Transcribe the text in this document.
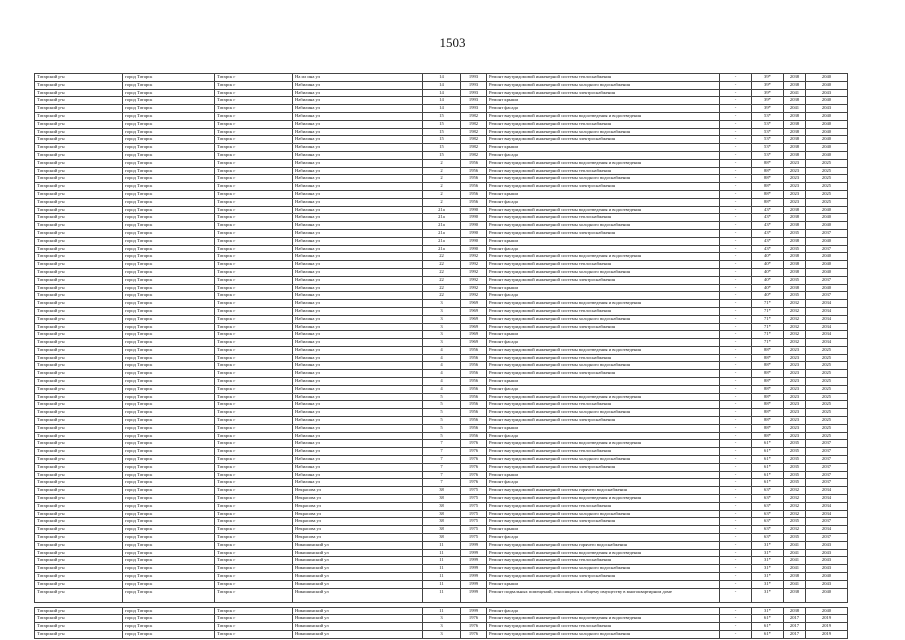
1503
Татарский р-н	город Татарск	Татарск г	На ил ина ул	14	1993	Ремонт внутридомовой инженерной системы теплоснабжения	-	39*	2038	2040
Татарский р-н	город Татарск	Татарск г	Набилина ул	14	1993	Ремонт внутридомовой инженерной системы холодного водоснабжения	-	39*	2038	2040
Татарский р-н	город Татарск	Татарск г	Набилина ул	14	1993	Ремонт внутридомовой инженерной системы электроснабжения	-	39*	2041	2043
Татарский р-н	город Татарск	Татарск г	Набилина ул	14	1993	Ремонт крыши	-	39*	2038	2040
Татарский р-н	город Татарск	Татарск г	Набилина ул	14	1993	Ремонт фасада	-	39*	2041	2043
Татарский р-н	город Татарск	Татарск г	Набилина ул	15	1982	Ремонт внутридомовой инженерной системы водоотведения и водоотведения	-	53*	2038	2040
Татарский р-н	город Татарск	Татарск г	Набилина ул	15	1982	Ремонт внутридомовой инженерной системы теплоснабжения	-	53*	2038	2040
Татарский р-н	город Татарск	Татарск г	Набилина ул	15	1982	Ремонт внутридомовой инженерной системы холодного водоснабжения	-	53*	2038	2040
Татарский р-н	город Татарск	Татарск г	Набилина ул	15	1982	Ремонт внутридомовой инженерной системы электроснабжения	-	53*	2038	2040
Татарский р-н	город Татарск	Татарск г	Набилина ул	15	1982	Ремонт крыши	-	53*	2038	2040
Татарский р-н	город Татарск	Татарск г	Набилина ул	15	1982	Ремонт фасада	-	53*	2038	2040
Татарский р-н	город Татарск	Татарск г	Набилина ул	2	1956	Ремонт внутридомовой инженерной системы водоотведения и водоотведения	-	88*	2023	2025
Татарский р-н	город Татарск	Татарск г	Набилина ул	2	1956	Ремонт внутридомовой инженерной системы теплоснабжения	-	88*	2023	2025
Татарский р-н	город Татарск	Татарск г	Набилина ул	2	1956	Ремонт внутридомовой инженерной системы холодного водоснабжения	-	88*	2023	2025
Татарский р-н	город Татарск	Татарск г	Набилина ул	2	1956	Ремонт внутридомовой инженерной системы электроснабжения	-	88*	2023	2025
Татарский р-н	город Татарск	Татарск г	Набилина ул	2	1956	Ремонт крыши	-	88*	2023	2025
Татарский р-н	город Татарск	Татарск г	Набилина ул	2	1956	Ремонт фасада	-	88*	2023	2025
Татарский р-н	город Татарск	Татарск г	Набилина ул	21а	1990	Ремонт внутридомовой инженерной системы водоотведения и водоотведения	-	43*	2038	2040
Татарский р-н	город Татарск	Татарск г	Набилина ул	21а	1990	Ремонт внутридомовой инженерной системы теплоснабжения	-	43*	2038	2040
Татарский р-н	город Татарск	Татарск г	Набилина ул	21а	1990	Ремонт внутридомовой инженерной системы холодного водоснабжения	-	43*	2038	2040
Татарский р-н	город Татарск	Татарск г	Набилина ул	21а	1990	Ремонт внутридомовой инженерной системы электроснабжения	-	43*	2035	2037
Татарский р-н	город Татарск	Татарск г	Набилина ул	21а	1990	Ремонт крыши	-	43*	2038	2040
Татарский р-н	город Татарск	Татарск г	Набилина ул	21а	1990	Ремонт фасада	-	43*	2035	2037
Татарский р-н	город Татарск	Татарск г	Набилина ул	22	1992	Ремонт внутридомовой инженерной системы водоотведения и водоотведения	-	40*	2038	2040
Татарский р-н	город Татарск	Татарск г	Набилина ул	22	1992	Ремонт внутридомовой инженерной системы теплоснабжения	-	40*	2038	2040
Татарский р-н	город Татарск	Татарск г	Набилина ул	22	1992	Ремонт внутридомовой инженерной системы холодного водоснабжения	-	40*	2038	2040
Татарский р-н	город Татарск	Татарск г	Набилина ул	22	1992	Ремонт внутридомовой инженерной системы электроснабжения	-	40*	2035	2037
Татарский р-н	город Татарск	Татарск г	Набилина ул	22	1992	Ремонт крыши	-	40*	2038	2040
Татарский р-н	город Татарск	Татарск г	Набилина ул	22	1992	Ремонт фасада	-	40*	2035	2037
Татарский р-н	город Татарск	Татарск г	Набилина ул	3	1969	Ремонт внутридомовой инженерной системы водоотведения и водоотведения	-	71*	2032	2034
Татарский р-н	город Татарск	Татарск г	Набилина ул	3	1969	Ремонт внутридомовой инженерной системы теплоснабжения	-	71*	2032	2034
Татарский р-н	город Татарск	Татарск г	Набилина ул	3	1969	Ремонт внутридомовой инженерной системы холодного водоснабжения	-	71*	2032	2034
Татарский р-н	город Татарск	Татарск г	Набилина ул	3	1969	Ремонт внутридомовой инженерной системы электроснабжения	-	71*	2032	2034
Татарский р-н	город Татарск	Татарск г	Набилина ул	3	1969	Ремонт крыши	-	71*	2032	2034
Татарский р-н	город Татарск	Татарск г	Набилина ул	3	1969	Ремонт фасада	-	71*	2032	2034
Татарский р-н	город Татарск	Татарск г	Набилина ул	4	1956	Ремонт внутридомовой инженерной системы водоотведения и водоотведения	-	88*	2023	2025
Татарский р-н	город Татарск	Татарск г	Набилина ул	4	1956	Ремонт внутридомовой инженерной системы теплоснабжения	-	88*	2023	2025
Татарский р-н	город Татарск	Татарск г	Набилина ул	4	1956	Ремонт внутридомовой инженерной системы холодного водоснабжения	-	88*	2023	2025
Татарский р-н	город Татарск	Татарск г	Набилина ул	4	1956	Ремонт внутридомовой инженерной системы электроснабжения	-	88*	2023	2025
Татарский р-н	город Татарск	Татарск г	Набилина ул	4	1956	Ремонт крыши	-	88*	2023	2025
Татарский р-н	город Татарск	Татарск г	Набилина ул	4	1956	Ремонт фасада	-	88*	2023	2025
Татарский р-н	город Татарск	Татарск г	Набилина ул	5	1956	Ремонт внутридомовой инженерной системы водоотведения и водоотведения	-	88*	2023	2025
Татарский р-н	город Татарск	Татарск г	Набилина ул	5	1956	Ремонт внутридомовой инженерной системы теплоснабжения	-	88*	2023	2025
Татарский р-н	город Татарск	Татарск г	Набилина ул	5	1956	Ремонт внутридомовой инженерной системы холодного водоснабжения	-	88*	2023	2025
Татарский р-н	город Татарск	Татарск г	Набилина ул	5	1956	Ремонт внутридомовой инженерной системы электроснабжения	-	88*	2023	2025
Татарский р-н	город Татарск	Татарск г	Набилина ул	5	1956	Ремонт крыши	-	88*	2023	2025
Татарский р-н	город Татарск	Татарск г	Набилина ул	5	1956	Ремонт фасада	-	88*	2023	2025
Татарский р-н	город Татарск	Татарск г	Набилина ул	7	1976	Ремонт внутридомовой инженерной системы водоотведения и водоотведения	-	61*	2035	2037
Татарский р-н	город Татарск	Татарск г	Набилина ул	7	1976	Ремонт внутридомовой инженерной системы теплоснабжения	-	61*	2035	2037
Татарский р-н	город Татарск	Татарск г	Набилина ул	7	1976	Ремонт внутридомовой инженерной системы холодного водоснабжения	-	61*	2035	2037
Татарский р-н	город Татарск	Татарск г	Набилина ул	7	1976	Ремонт внутридомовой инженерной системы электроснабжения	-	61*	2035	2037
Татарский р-н	город Татарск	Татарск г	Набилина ул	7	1976	Ремонт крыши	-	61*	2035	2037
Татарский р-н	город Татарск	Татарск г	Набилина ул	7	1976	Ремонт фасада	-	61*	2035	2037
Татарский р-н	город Татарск	Татарск г	Некрасова ул	38	1975	Ремонт внутридомовой инженерной системы горячего водоснабжения	-	63*	2032	2034
Татарский р-н	город Татарск	Татарск г	Некрасова ул	38	1975	Ремонт внутридомовой инженерной системы водоотведения и водоотведения	-	63*	2032	2034
Татарский р-н	город Татарск	Татарск г	Некрасова ул	38	1975	Ремонт внутридомовой инженерной системы теплоснабжения	-	63*	2032	2034
Татарский р-н	город Татарск	Татарск г	Некрасова ул	38	1975	Ремонт внутридомовой инженерной системы холодного водоснабжения	-	63*	2032	2034
Татарский р-н	город Татарск	Татарск г	Некрасова ул	38	1975	Ремонт внутридомовой инженерной системы электроснабжения	-	63*	2035	2037
Татарский р-н	город Татарск	Татарск г	Некрасова ул	38	1975	Ремонт крыши	-	63*	2032	2034
Татарский р-н	город Татарск	Татарск г	Некрасова ул	38	1975	Ремонт фасада	-	63*	2035	2037
Татарский р-н	город Татарск	Татарск г	Никишинский ул	11	1999	Ремонт внутридомовой инженерной системы горячего водоснабжения	-	31*	2041	2043
Татарский р-н	город Татарск	Татарск г	Никишинский ул	11	1999	Ремонт внутридомовой инженерной системы водоотведения и водоотведения	-	31*	2041	2043
Татарский р-н	город Татарск	Татарск г	Никишинский ул	11	1999	Ремонт внутридомовой инженерной системы теплоснабжения	-	31*	2041	2043
Татарский р-н	город Татарск	Татарск г	Никишинский ул	11	1999	Ремонт внутридомовой инженерной системы холодного водоснабжения	-	31*	2041	2043
Татарский р-н	город Татарск	Татарск г	Никишинский ул	11	1999	Ремонт внутридомовой инженерной системы электроснабжения	-	31*	2038	2040
Татарский р-н	город Татарск	Татарск г	Никишинский ул	11	1999	Ремонт крыши	-	31*	2041	2043
Татарский р-н	город Татарск	Татарск г	Никишинский ул	11	1999	Ремонт подвальных помещений, относящихся к общему имуществу в многоквартирном доме	-	31*	2038	2040

Татарский р-н	город Татарск	Татарск г	Никишинский ул	11	1999	Ремонт фасада	-	31*	2038	2040
Татарский р-н	город Татарск	Татарск г	Никишинский ул	3	1976	Ремонт внутридомовой инженерной системы водоотведения и водоотведения	-	61*	2017	2019
Татарский р-н	город Татарск	Татарск г	Никишинский ул	3	1976	Ремонт внутридомовой инженерной системы теплоснабжения	-	61*	2017	2019
Татарский р-н	город Татарск	Татарск г	Никишинский ул	3	1976	Ремонт внутридомовой инженерной системы холодного водоснабжения	-	61*	2017	2019
